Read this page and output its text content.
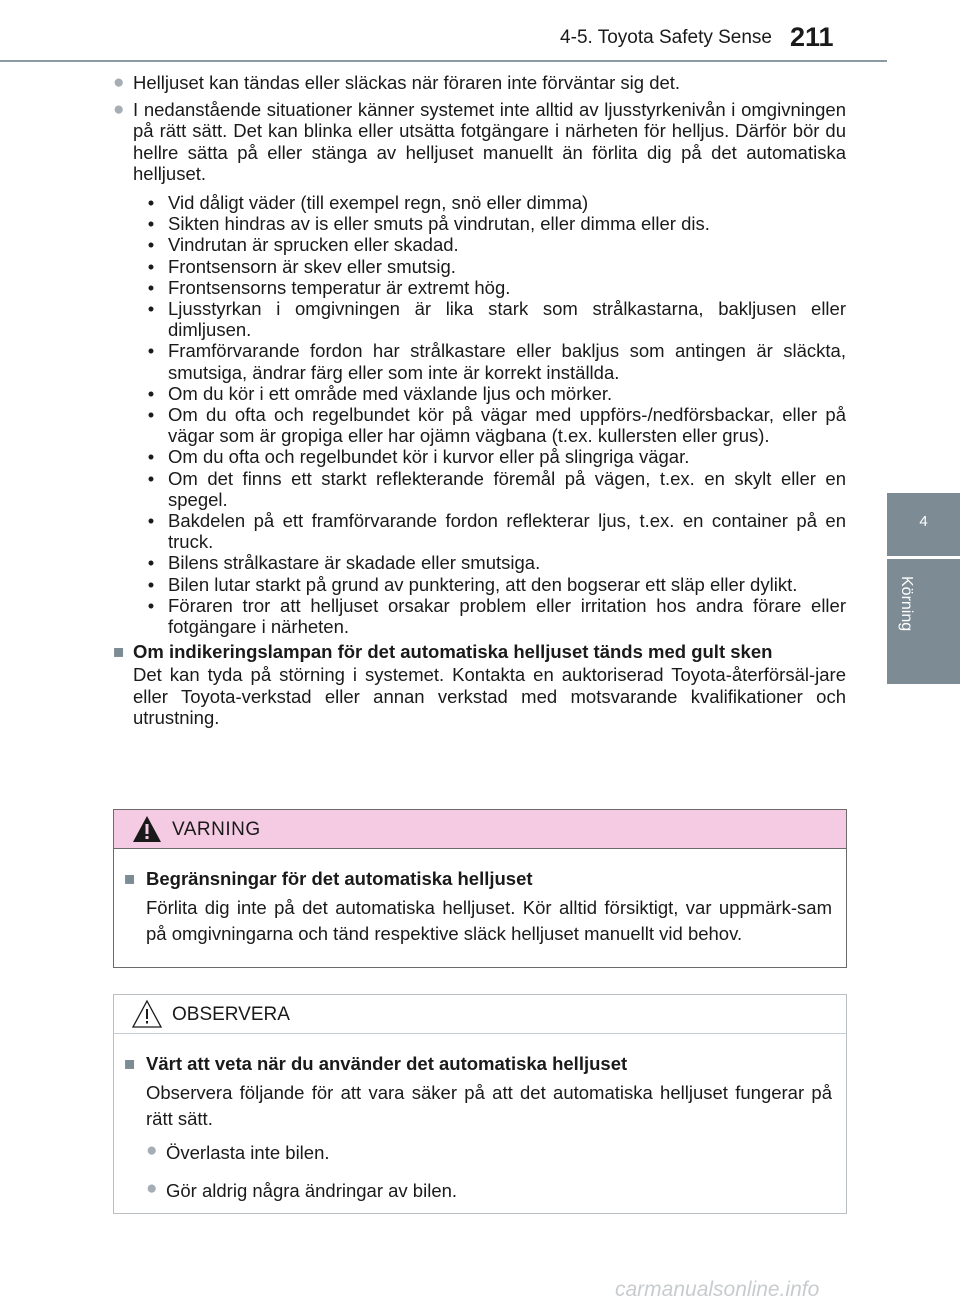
4-5. Toyota Safety Sense 211
4
Körning
● Helljuset kan tändas eller släckas när föraren inte förväntar sig det.
● I nedanstående situationer känner systemet inte alltid av ljusstyrkenivån i omgivningen på rätt sätt. Det kan blinka eller utsätta fotgängare i närheten för helljus. Därför bör du hellre sätta på eller stänga av helljuset manuellt än förlita dig på det automatiska helljuset.
• Vid dåligt väder (till exempel regn, snö eller dimma)
• Sikten hindras av is eller smuts på vindrutan, eller dimma eller dis.
• Vindrutan är sprucken eller skadad.
• Frontsensorn är skev eller smutsig.
• Frontsensorns temperatur är extremt hög.
• Ljusstyrkan i omgivningen är lika stark som strålkastarna, bakljusen eller dimljusen.
• Framförvarande fordon har strålkastare eller bakljus som antingen är släckta, smutsiga, ändrar färg eller som inte är korrekt inställda.
• Om du kör i ett område med växlande ljus och mörker.
• Om du ofta och regelbundet kör på vägar med uppförs-/nedförsbackar, eller på vägar som är gropiga eller har ojämn vägbana (t.ex. kullersten eller grus).
• Om du ofta och regelbundet kör i kurvor eller på slingriga vägar.
• Om det finns ett starkt reflekterande föremål på vägen, t.ex. en skylt eller en spegel.
• Bakdelen på ett framförvarande fordon reflekterar ljus, t.ex. en container på en truck.
• Bilens strålkastare är skadade eller smutsiga.
• Bilen lutar starkt på grund av punktering, att den bogserar ett släp eller dylikt.
• Föraren tror att helljuset orsakar problem eller irritation hos andra förare eller fotgängare i närheten.
■ Om indikeringslampan för det automatiska helljuset tänds med gult sken
Det kan tyda på störning i systemet. Kontakta en auktoriserad Toyota-återförsäl-jare eller Toyota-verkstad eller annan verkstad med motsvarande kvalifikationer och utrustning.
VARNING
■ Begränsningar för det automatiska helljuset
Förlita dig inte på det automatiska helljuset. Kör alltid försiktigt, var uppmärk-sam på omgivningarna och tänd respektive släck helljuset manuellt vid behov.
OBSERVERA
■ Värt att veta när du använder det automatiska helljuset
Observera följande för att vara säker på att det automatiska helljuset fungerar på rätt sätt.
● Överlasta inte bilen.
● Gör aldrig några ändringar av bilen.
carmanualsonline.info
